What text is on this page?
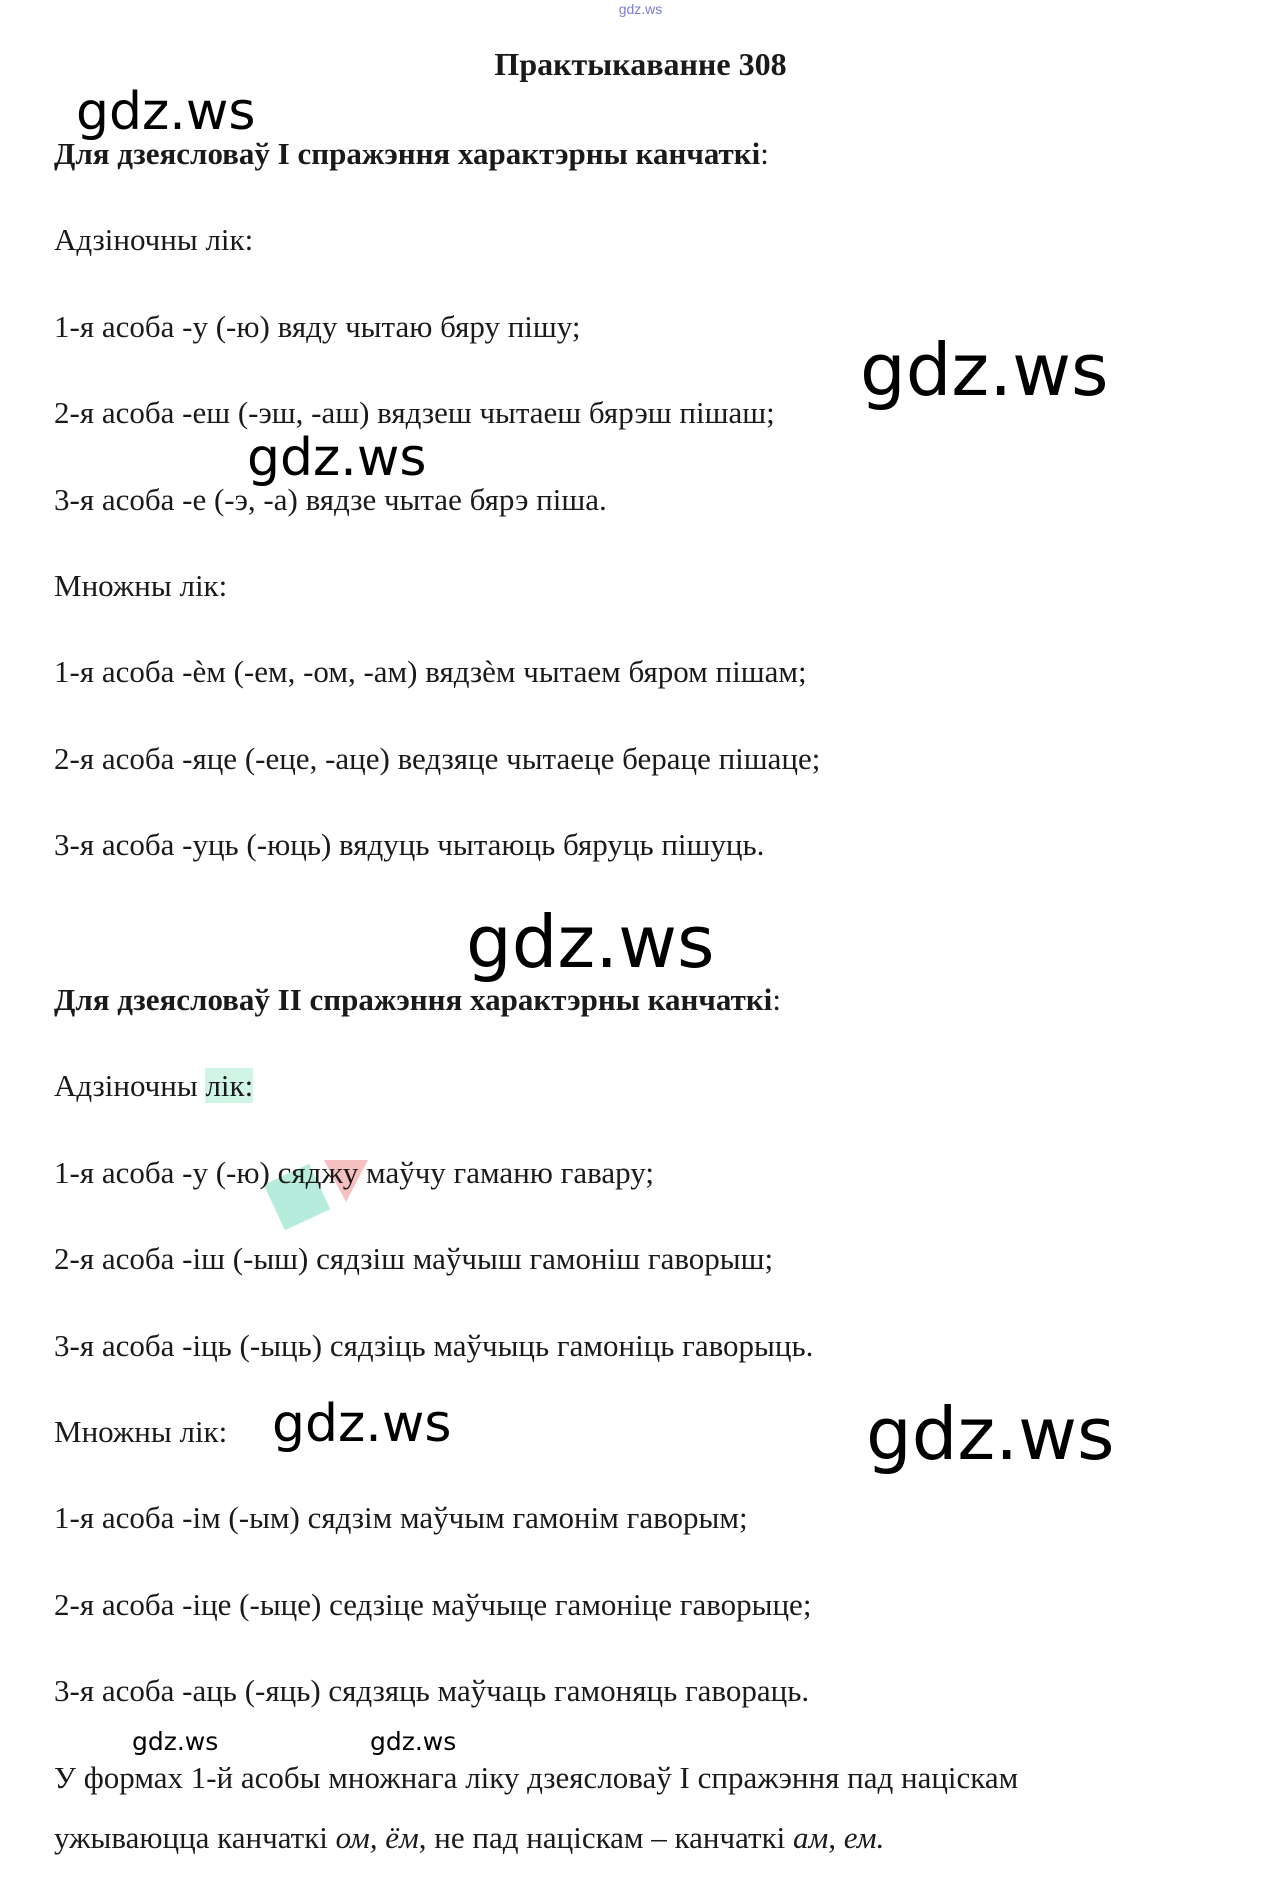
gdz.ws
Практыкаванне 308
Для дзеясловаў I спражэння характэрны канчаткі:
Адзіночны лік:
1-я асоба -у (-ю) вяду чытаю бяру пішу;
2-я асоба -еш (-эш, -аш) вядзеш чытаеш бярэш пішаш;
3-я асоба -е (-э, -а) вядзе чытае бярэ піша.
Множны лік:
1-я асоба -ѐм (-ем, -ом, -ам) вядзѐм чытаем бяром пішам;
2-я асоба -яце (-еце, -аце) ведзяце чытаеце бераце пішаце;
3-я асоба -уць (-юць) вядуць чытаюць бяруць пішуць.
Для дзеясловаў II спражэння характэрны канчаткі:
Адзіночны лік:
1-я асоба -у (-ю) сяджу маўчу гаманю гавару;
2-я асоба -іш (-ыш) сядзіш маўчыш гамоніш гаворыш;
3-я асоба -іць (-ыць) сядзіць маўчыць гамоніць гаворыць.
Множны лік:
1-я асоба -ім (-ым) сядзім маўчым гамонім гаворым;
2-я асоба -іце (-ыце) седзіце маўчыце гамоніце гаворыце;
3-я асоба -аць (-яць) сядзяць маўчаць гамоняць гавораць.
У формах 1-й асобы множнага ліку дзеясловаў I спражэння пад націскам
ужываюцца канчаткі ом, ём, не пад націскам – канчаткі ам, ем.
gdz.ws
gdz.ws
gdz.ws
gdz.ws
gdz.ws	gdz.ws
gdz.ws	gdz.ws
